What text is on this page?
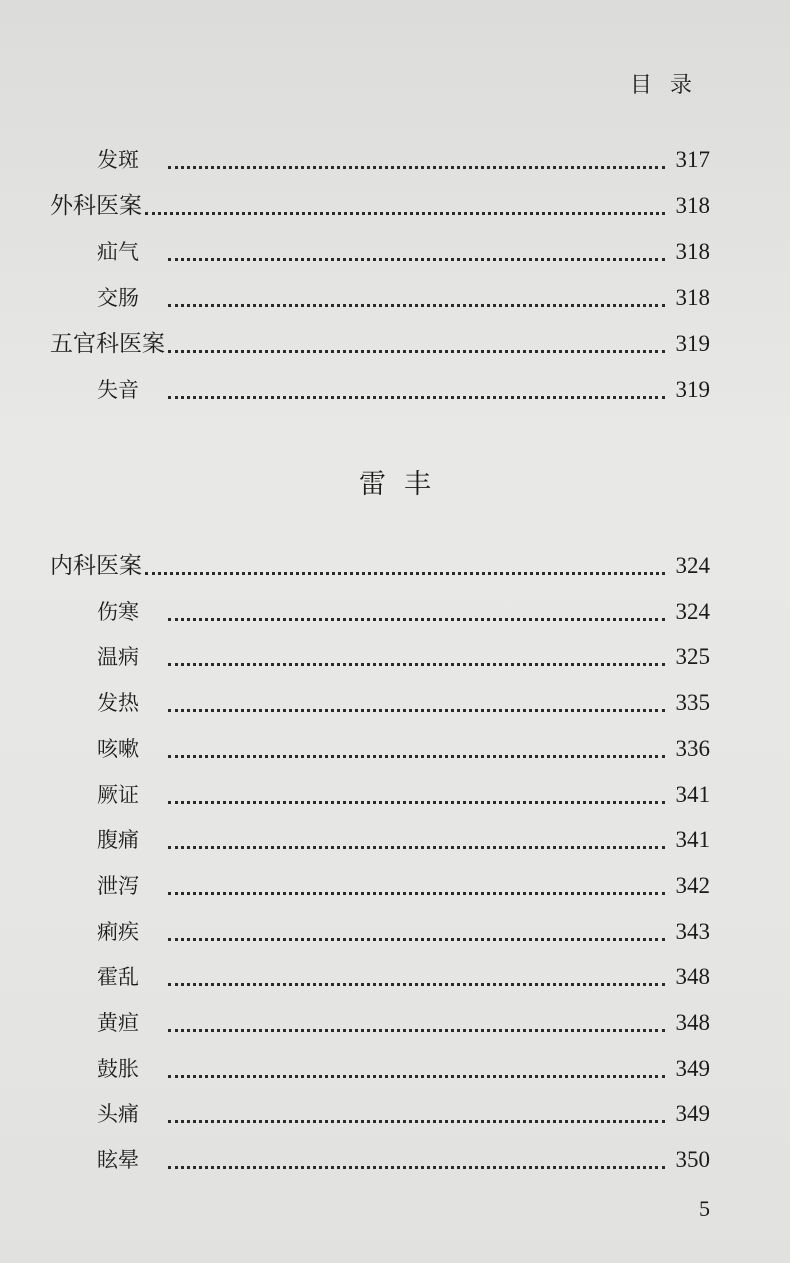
目录
发斑	317
外科医案	318
疝气	318
交肠	318
五官科医案	319
失音	319
雷丰
内科医案	324
伤寒	324
温病	325
发热	335
咳嗽	336
厥证	341
腹痛	341
泄泻	342
痢疾	343
霍乱	348
黄疸	348
鼓胀	349
头痛	349
眩晕	350
5
